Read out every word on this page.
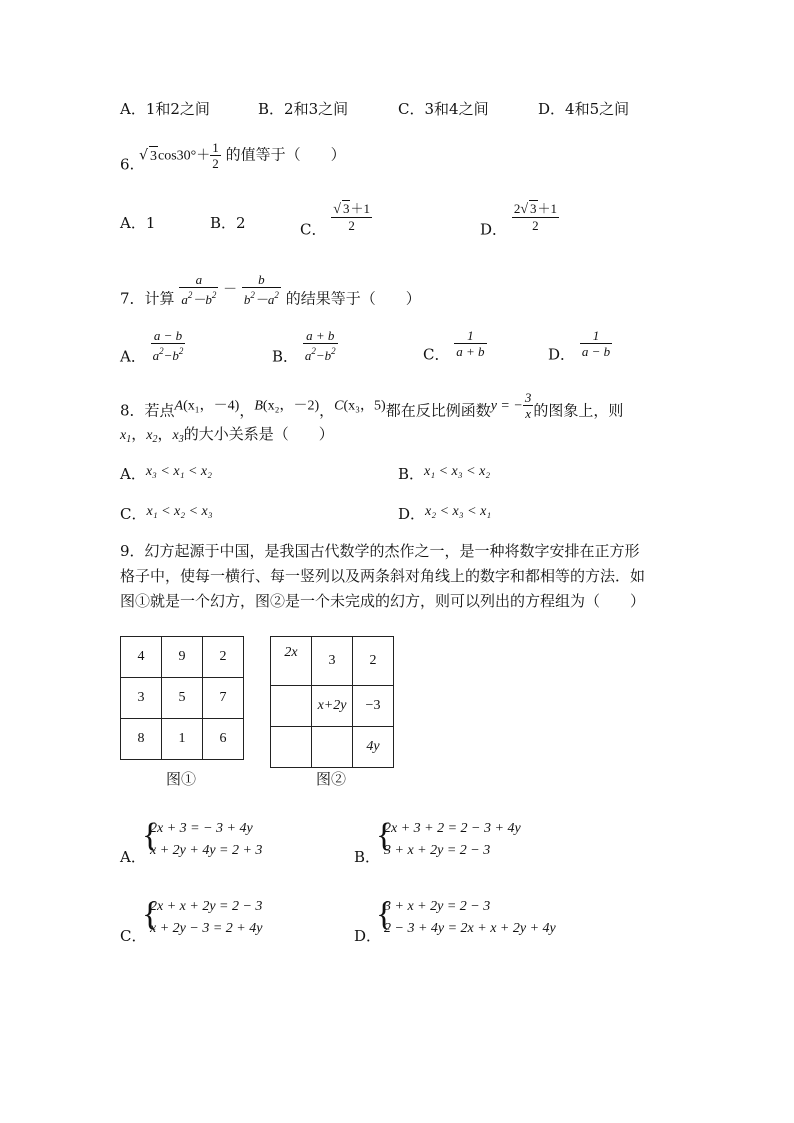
A．1和2之间	B．2和3之间	C．3和4之间	D．4和5之间
6. √ $3\cos 30^\circ+ \frac{1}{2}$ 的值等于（　　）
A．1	B．2	C． $\frac{√ 3+1}{2}$	D． $\frac{2√ 3+1}{2}$
7．计算 $\frac{a}{a^2-b^2} - \frac{b}{b^2-a^2}$ 的结果等于（　　）
A． $\frac{a - b}{a^2-b^2}$	B． $\frac{a + b}{a^2-b^2}$	C． $\frac{1}{a + b}$	D． $\frac{1}{a - b}$
8．若点A(x₁，－4)，B(x₂，－2)，C(x₃，5)都在反比例函数y = − $\frac{3}{x}$ 的图象上，则
$x_1$，$x_2$，$x_3$的大小关系是（　　）
A．x₃ < x₁ < x₂	B．x₁ < x₃ < x₂
C．x₁ < x₂ < x₃	D．x₂ < x₃ < x₁
9．幻方起源于中国，是我国古代数学的杰作之一，是一种将数字安排在正方形
格子中，使每一横行、每一竖列以及两条斜对角线上的数字和都相等的方法．如
图①就是一个幻方，图②是一个未完成的幻方，则可以列出的方程组为（　　）
4	9	2
3	5	7
8	1	6
2x	3	2
	x+2y	−3
		4y
图①	图②
A．
{
2x + 3 = − 3 + 4y
x + 2y + 4y = 2 + 3	B．
{
2x + 3 + 2 = 2 − 3 + 4y
3 + x + 2y = 2 − 3
C．
{
2x + x + 2y = 2 − 3
x + 2y − 3 = 2 + 4y	D．
{
3 + x + 2y = 2 − 3
2 − 3 + 4y = 2x + x + 2y + 4y
